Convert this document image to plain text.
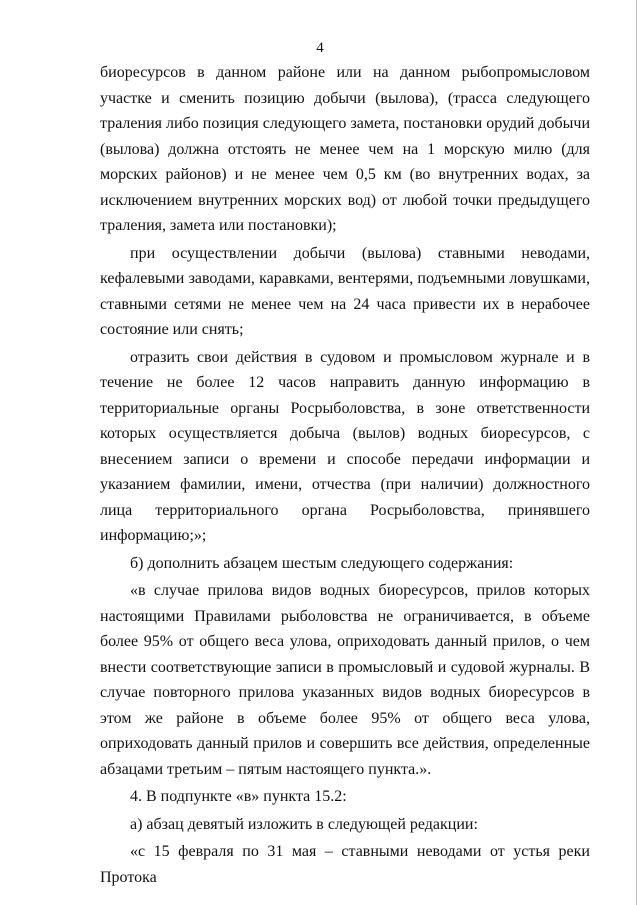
4

биоресурсов в данном районе или на данном рыбопромысловом участке и сменить позицию добычи (вылова), (трасса следующего траления либо позиция следующего замета, постановки орудий добычи (вылова) должна отстоять не менее чем на 1 морскую милю (для морских районов) и не менее чем 0,5 км (во внутренних водах, за исключением внутренних морских вод) от любой точки предыдущего траления, замета или постановки);

при осуществлении добычи (вылова) ставными неводами, кефалевыми заводами, каравками, вентерями, подъемными ловушками, ставными сетями не менее чем на 24 часа привести их в нерабочее состояние или снять;

отразить свои действия в судовом и промысловом журнале и в течение не более 12 часов направить данную информацию в территориальные органы Росрыболовства, в зоне ответственности которых осуществляется добыча (вылов) водных биоресурсов, с внесением записи о времени и способе передачи информации и указанием фамилии, имени, отчества (при наличии) должностного лица территориального органа Росрыболовства, принявшего информацию;»;

б) дополнить абзацем шестым следующего содержания:

«в случае прилова видов водных биоресурсов, прилов которых настоящими Правилами рыболовства не ограничивается, в объеме более 95% от общего веса улова, оприходовать данный прилов, о чем внести соответствующие записи в промысловый и судовой журналы. В случае повторного прилова указанных видов водных биоресурсов в этом же районе в объеме более 95% от общего веса улова, оприходовать данный прилов и совершить все действия, определенные абзацами третьим – пятым настоящего пункта.».

4. В подпункте «в» пункта 15.2:

а) абзац девятый изложить в следующей редакции:

«с 15 февраля по 31 мая – ставными неводами от устья реки Протока
